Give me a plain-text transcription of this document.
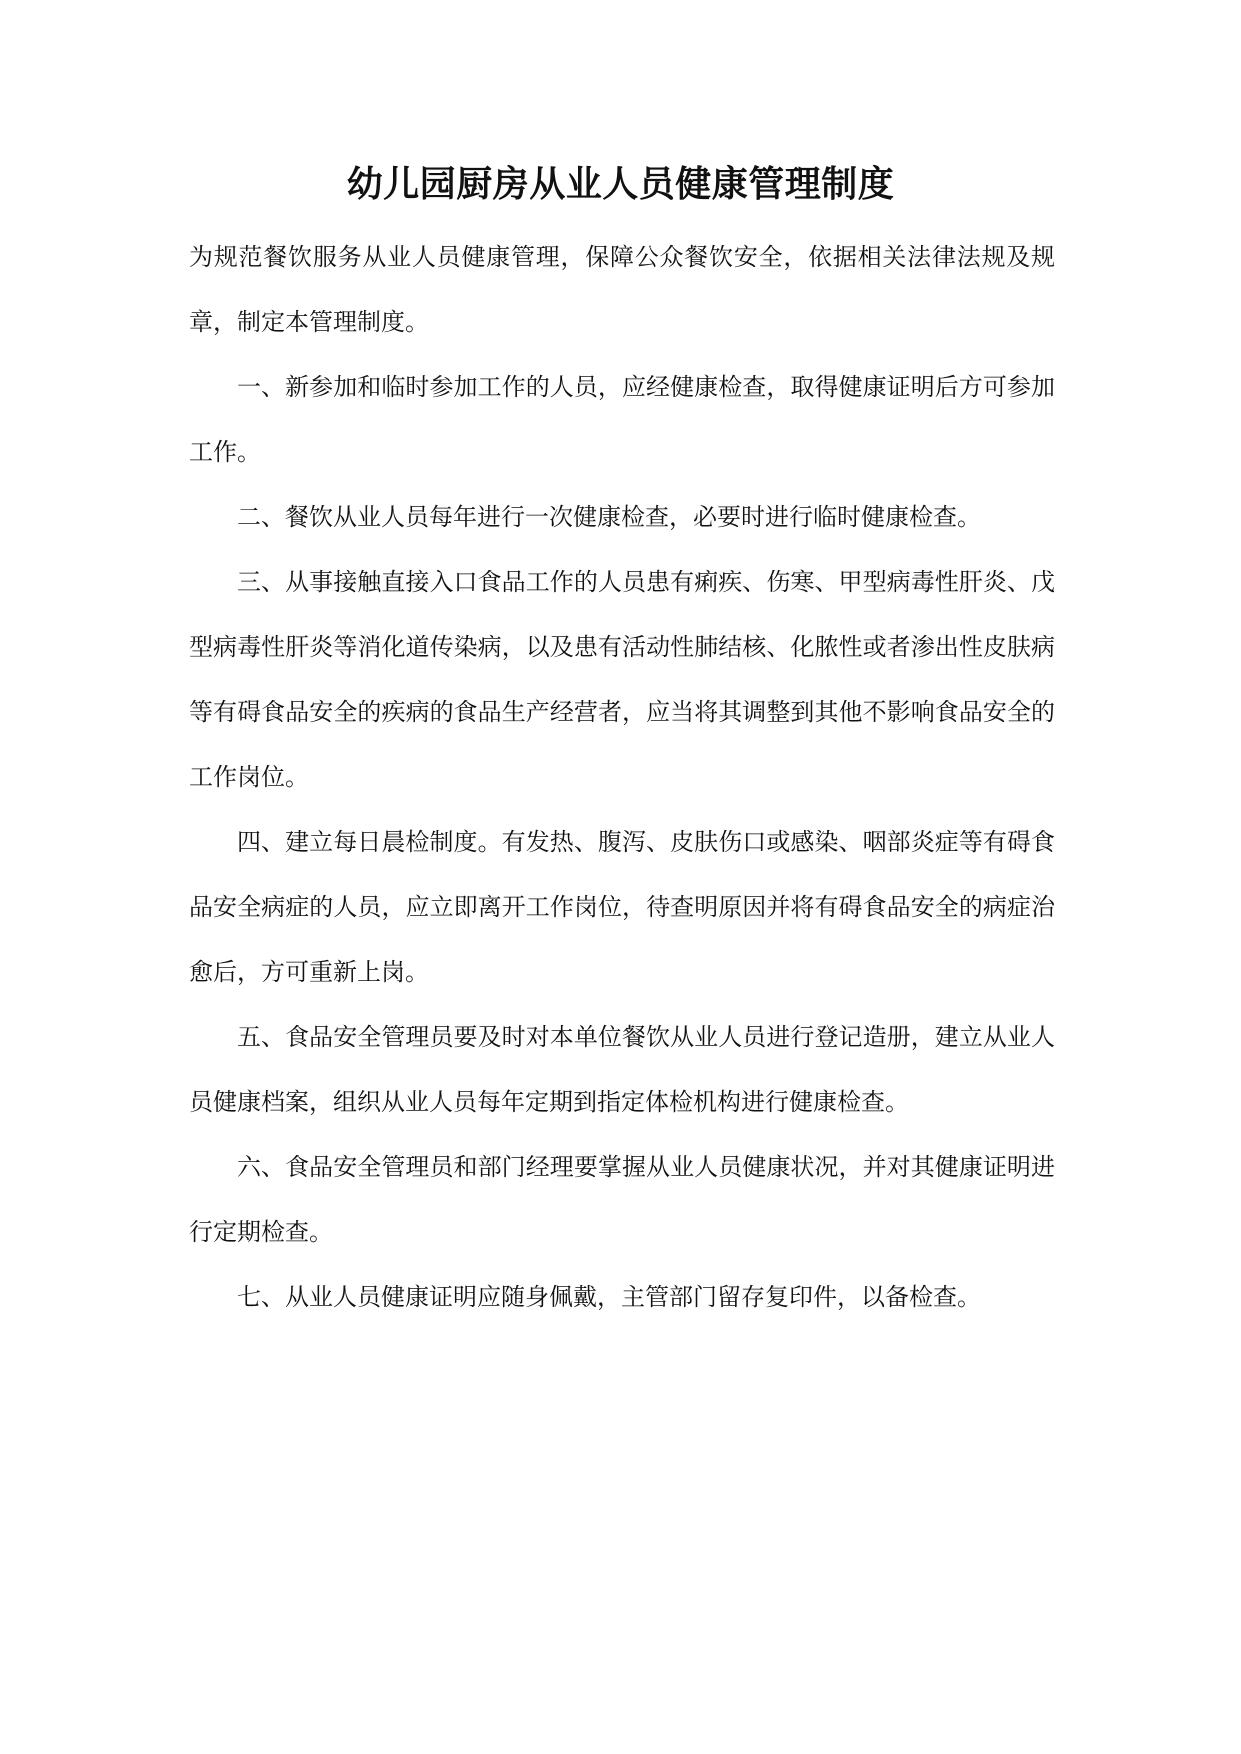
幼儿园厨房从业人员健康管理制度

为规范餐饮服务从业人员健康管理，保障公众餐饮安全，依据相关法律法规及规章，制定本管理制度。

一、新参加和临时参加工作的人员，应经健康检查，取得健康证明后方可参加工作。

二、餐饮从业人员每年进行一次健康检查，必要时进行临时健康检查。

三、从事接触直接入口食品工作的人员患有痢疾、伤寒、甲型病毒性肝炎、戊型病毒性肝炎等消化道传染病，以及患有活动性肺结核、化脓性或者渗出性皮肤病等有碍食品安全的疾病的食品生产经营者，应当将其调整到其他不影响食品安全的工作岗位。

四、建立每日晨检制度。有发热、腹泻、皮肤伤口或感染、咽部炎症等有碍食品安全病症的人员，应立即离开工作岗位，待查明原因并将有碍食品安全的病症治愈后，方可重新上岗。

五、食品安全管理员要及时对本单位餐饮从业人员进行登记造册，建立从业人员健康档案，组织从业人员每年定期到指定体检机构进行健康检查。

六、食品安全管理员和部门经理要掌握从业人员健康状况，并对其健康证明进行定期检查。

七、从业人员健康证明应随身佩戴，主管部门留存复印件，以备检查。
